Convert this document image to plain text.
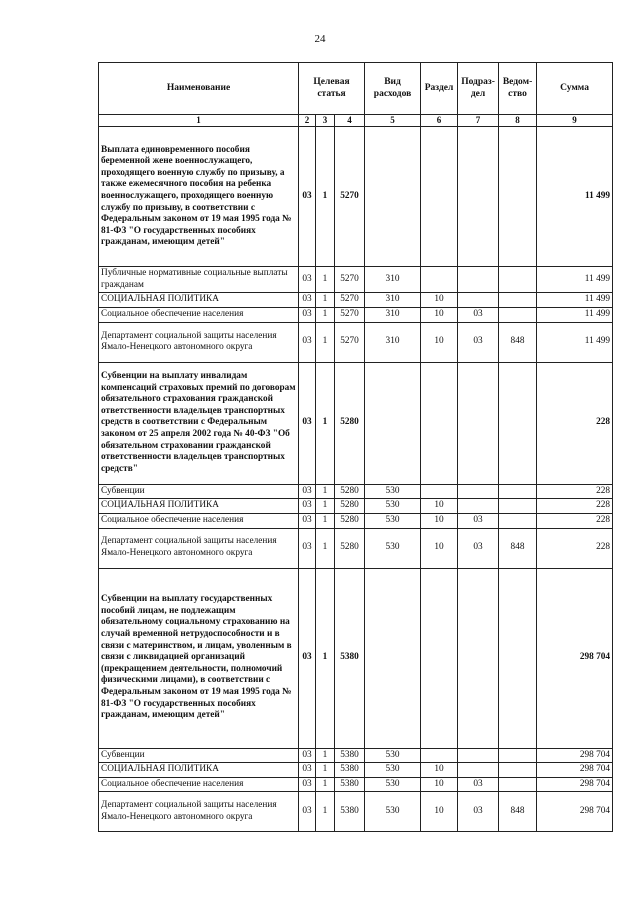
24
Наименование	Целевая статья			Вид расходов	Раздел	Подраз-дел	Ведом-ство	Сумма
1	2	3	4	5	6	7	8	9
Выплата единовременного пособия беременной жене военнослужащего, проходящего военную службу по призыву, а также ежемесячного пособия на ребенка военнослужащего, проходящего военную службу по призыву, в соответствии с Федеральным законом от 19 мая 1995 года № 81-ФЗ "О государственных пособиях гражданам, имеющим детей"	03	1	5270					11 499
Публичные нормативные социальные выплаты гражданам	03	1	5270	310				11 499
СОЦИАЛЬНАЯ ПОЛИТИКА	03	1	5270	310	10			11 499
Социальное обеспечение населения	03	1	5270	310	10	03		11 499
Департамент социальной защиты населения Ямало-Ненецкого автономного округа	03	1	5270	310	10	03	848	11 499
Субвенции на выплату инвалидам компенсаций страховых премий по договорам обязательного страхования гражданской ответственности владельцев транспортных средств в соответствии с Федеральным законом от 25 апреля 2002 года № 40-ФЗ "Об обязательном страховании гражданской ответственности владельцев транспортных средств"	03	1	5280					228
Субвенции	03	1	5280	530				228
СОЦИАЛЬНАЯ ПОЛИТИКА	03	1	5280	530	10			228
Социальное обеспечение населения	03	1	5280	530	10	03		228
Департамент социальной защиты населения Ямало-Ненецкого автономного округа	03	1	5280	530	10	03	848	228
Субвенции на выплату государственных пособий лицам, не подлежащим обязательному социальному страхованию на случай временной нетрудоспособности и в связи с материнством, и лицам, уволенным в связи с ликвидацией организаций (прекращением деятельности, полномочий физическими лицами), в соответствии с Федеральным законом от 19 мая 1995 года № 81-ФЗ "О государственных пособиях гражданам, имеющим детей"	03	1	5380					298 704
Субвенции	03	1	5380	530				298 704
СОЦИАЛЬНАЯ ПОЛИТИКА	03	1	5380	530	10			298 704
Социальное обеспечение населения	03	1	5380	530	10	03		298 704
Департамент социальной защиты населения Ямало-Ненецкого автономного округа	03	1	5380	530	10	03	848	298 704
